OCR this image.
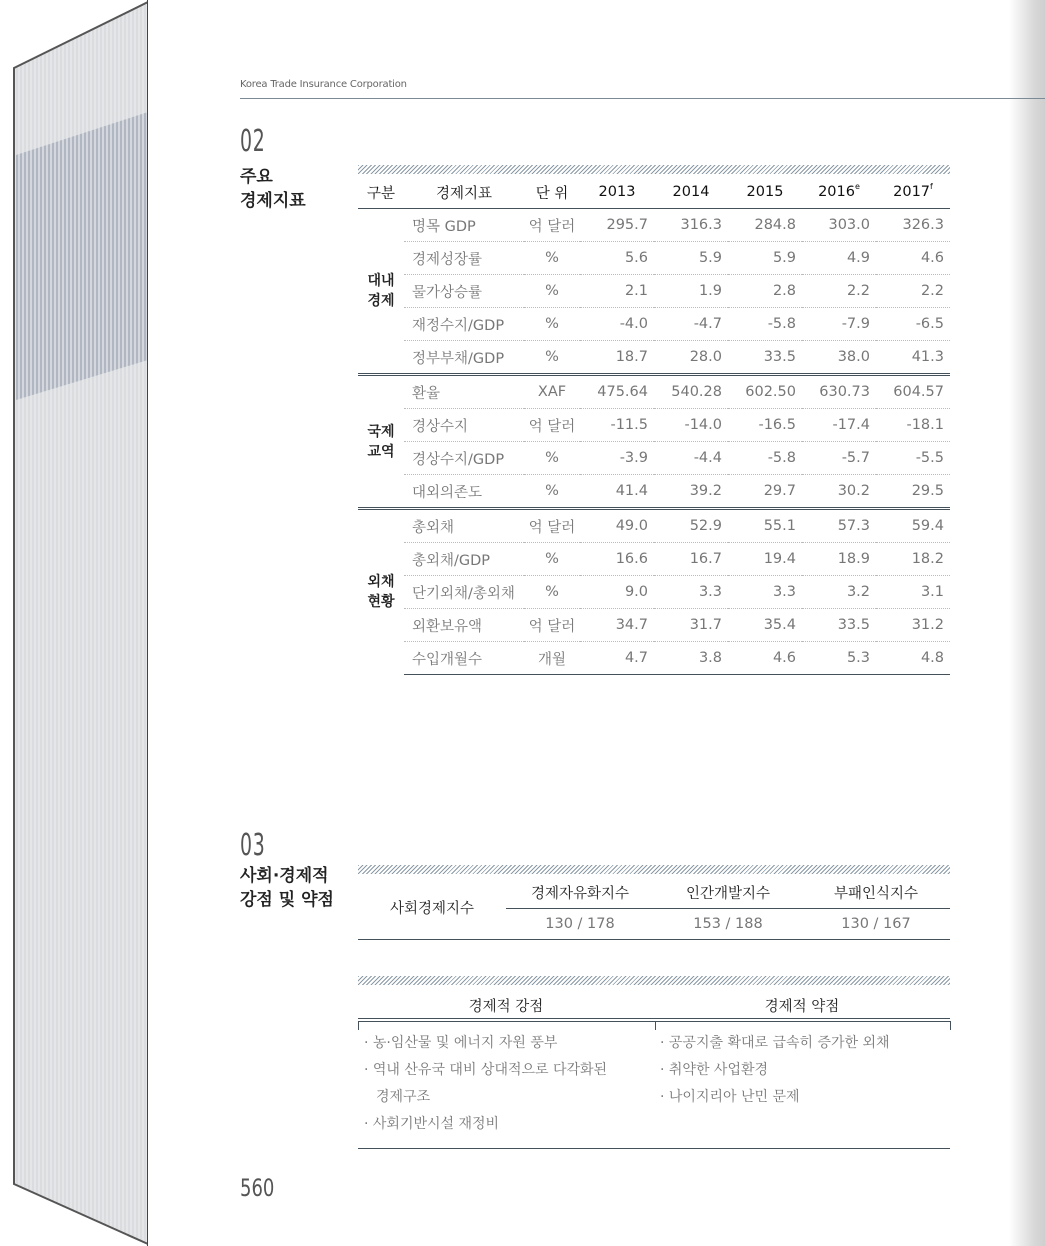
Korea Trade Insurance Corporation
02
주요
경제지표	구분	경제지표	단 위	2013	2014	2015	2016e	2017$^f$

대내
경제	명목 GDP	억 달러	295.7	316.3	284.8	303.0	326.3
	경제성장률	%	5.6	5.9	5.9	4.9	4.6
	물가상승률	%	2.1	1.9	2.8	2.2	2.2
	재정수지/GDP	%	-4.0	-4.7	-5.8	-7.9	-6.5
	정부부채/GDP	%	18.7	28.0	33.5	38.0	41.3

국제
교역	환율	XAF	475.64	540.28	602.50	630.73	604.57
	경상수지	억 달러	-11.5	-14.0	-16.5	-17.4	-18.1
	경상수지/GDP	%	-3.9	-4.4	-5.8	-5.7	-5.5
	대외의존도	%	41.4	39.2	29.7	30.2	29.5

외채
현황	총외채	억 달러	49.0	52.9	55.1	57.3	59.4
	총외채/GDP	%	16.6	16.7	19.4	18.9	18.2
	단기외채/총외채	%	9.0	3.3	3.3	3.2	3.1
	외환보유액	억 달러	34.7	31.7	35.4	33.5	31.2
	수입개월수	개월	4.7	3.8	4.6	5.3	4.8
03
사회·경제적
강점 및 약점	사회경제지수	경제자유화지수	인간개발지수	부패인식지수
	130 / 178	153 / 188	130 / 167
경제적 강점	경제적 약점
· 농·임산물 및 에너지 자원 풍부
· 역내 산유국 대비 상대적으로 다각화된
경제구조
· 사회기반시설 재정비
· 공공지출 확대로 급속히 증가한 외채
· 취약한 사업환경
· 나이지리아 난민 문제
560
